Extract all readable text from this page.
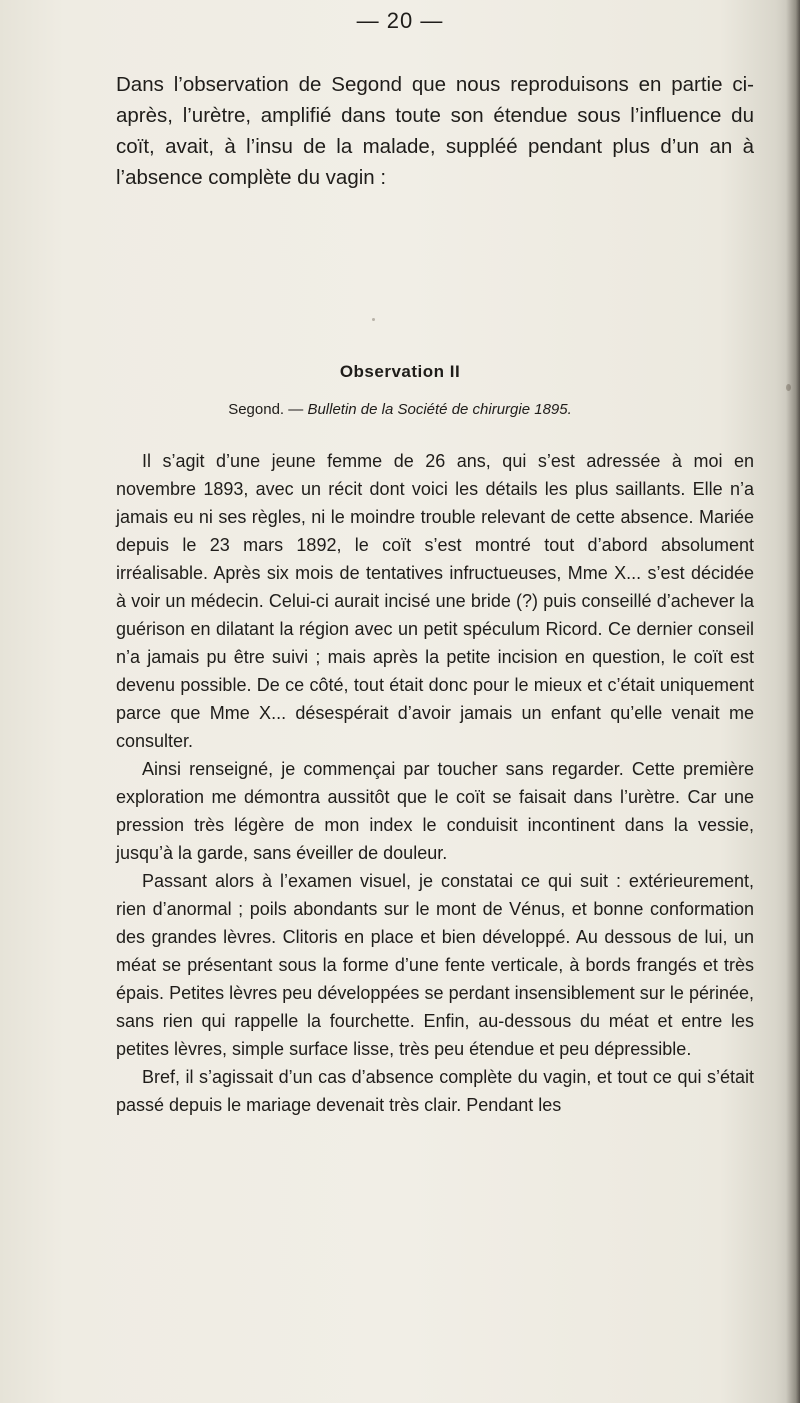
— 20 —

Dans l’observation de Segond que nous reproduisons en partie ci-après, l’urètre, amplifié dans toute son étendue sous l’influence du coït, avait, à l’insu de la malade, suppléé pendant plus d’un an à l’absence complète du vagin :

Observation II
Segond. — Bulletin de la Société de chirurgie 1895.

Il s’agit d’une jeune femme de 26 ans, qui s’est adressée à moi en novembre 1893, avec un récit dont voici les détails les plus saillants. Elle n’a jamais eu ni ses règles, ni le moindre trouble relevant de cette absence. Mariée depuis le 23 mars 1892, le coït s’est montré tout d’abord absolument irréalisable. Après six mois de tentatives infructueuses, Mme X... s’est décidée à voir un médecin. Celui-ci aurait incisé une bride (?) puis conseillé d’achever la guérison en dilatant la région avec un petit spéculum Ricord. Ce dernier conseil n’a jamais pu être suivi ; mais après la petite incision en question, le coït est devenu possible. De ce côté, tout était donc pour le mieux et c’était uniquement parce que Mme X... désespérait d’avoir jamais un enfant qu’elle venait me consulter.

Ainsi renseigné, je commençai par toucher sans regarder. Cette première exploration me démontra aussitôt que le coït se faisait dans l’urètre. Car une pression très légère de mon index le conduisit incontinent dans la vessie, jusqu’à la garde, sans éveiller de douleur.

Passant alors à l’examen visuel, je constatai ce qui suit : extérieurement, rien d’anormal ; poils abondants sur le mont de Vénus, et bonne conformation des grandes lèvres. Clitoris en place et bien développé. Au dessous de lui, un méat se présentant sous la forme d’une fente verticale, à bords frangés et très épais. Petites lèvres peu développées se perdant insensiblement sur le périnée, sans rien qui rappelle la fourchette. Enfin, au-dessous du méat et entre les petites lèvres, simple surface lisse, très peu étendue et peu dépressible.

Bref, il s’agissait d’un cas d’absence complète du vagin, et tout ce qui s’était passé depuis le mariage devenait très clair. Pendant les
